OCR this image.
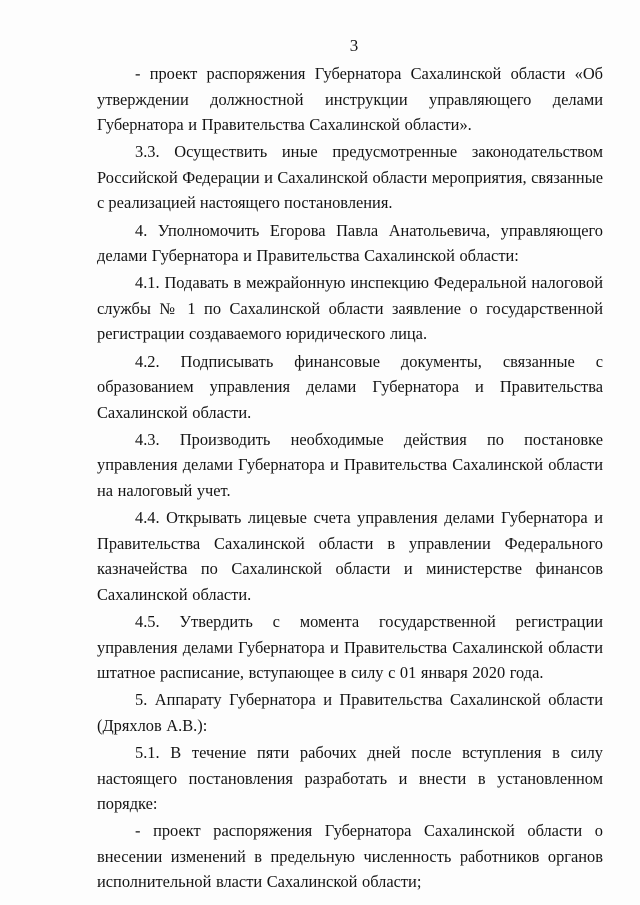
3

- проект распоряжения Губернатора Сахалинской области «Об утверждении должностной инструкции управляющего делами Губернатора и Правительства Сахалинской области».

3.3. Осуществить иные предусмотренные законодательством Российской Федерации и Сахалинской области мероприятия, связанные с реализацией настоящего постановления.

4. Уполномочить Егорова Павла Анатольевича, управляющего делами Губернатора и Правительства Сахалинской области:

4.1. Подавать в межрайонную инспекцию Федеральной налоговой службы № 1 по Сахалинской области заявление о государственной регистрации создаваемого юридического лица.

4.2. Подписывать финансовые документы, связанные с образованием управления делами Губернатора и Правительства Сахалинской области.

4.3. Производить необходимые действия по постановке управления делами Губернатора и Правительства Сахалинской области на налоговый учет.

4.4. Открывать лицевые счета управления делами Губернатора и Правительства Сахалинской области в управлении Федерального казначейства по Сахалинской области и министерстве финансов Сахалинской области.

4.5. Утвердить с момента государственной регистрации управления делами Губернатора и Правительства Сахалинской области штатное расписание, вступающее в силу с 01 января 2020 года.

5. Аппарату Губернатора и Правительства Сахалинской области (Дряхлов А.В.):

5.1. В течение пяти рабочих дней после вступления в силу настоящего постановления разработать и внести в установленном порядке:

- проект распоряжения Губернатора Сахалинской области о внесении изменений в предельную численность работников органов исполнительной власти Сахалинской области;
